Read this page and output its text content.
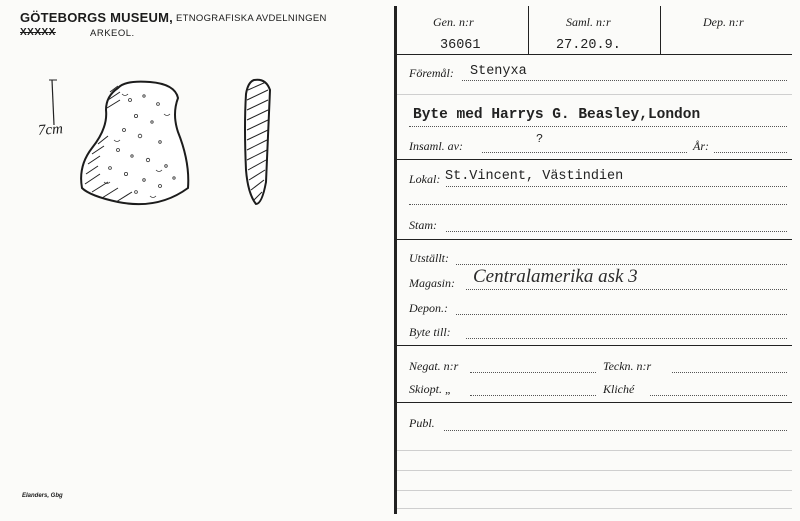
GÖTEBORGS MUSEUM, ETNOGRAFISKA AVDELNINGEN
XXXXX	ARKEOL.
7cm
Elanders, Gbg
Gen. n:r
36061
Saml. n:r
27.20.9.
Dep. n:r
Föremål: Stenyxa
Byte med Harrys G. Beasley,London
Insaml. av:	?	År:
Lokal: St.Vincent, Västindien
Stam:
Utställt:
Magasin: Centralamerika ask 3
Depon.:
Byte till:
Negat. n:r	Teckn. n:r
Skiopt. „	Kliché
Publ.
